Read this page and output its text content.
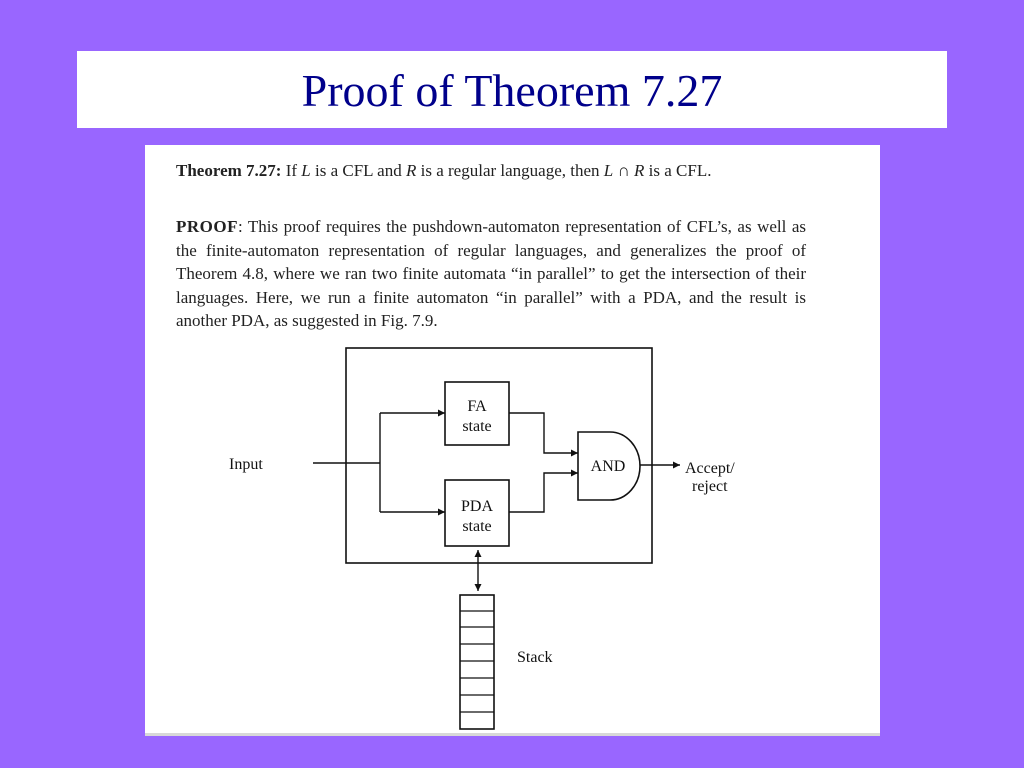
Proof of Theorem 7.27

Theorem 7.27: If L is a CFL and R is a regular language, then L ∩ R is a CFL.

PROOF: This proof requires the pushdown-automaton representation of CFL’s, as well as the finite-automaton representation of regular languages, and generalizes the proof of Theorem 4.8, where we ran two finite automata “in parallel” to get the intersection of their languages. Here, we run a finite automaton “in parallel” with a PDA, and the result is another PDA, as suggested in Fig. 7.9.

Input
FA
state
PDA
state
AND	Accept/
reject
Stack
